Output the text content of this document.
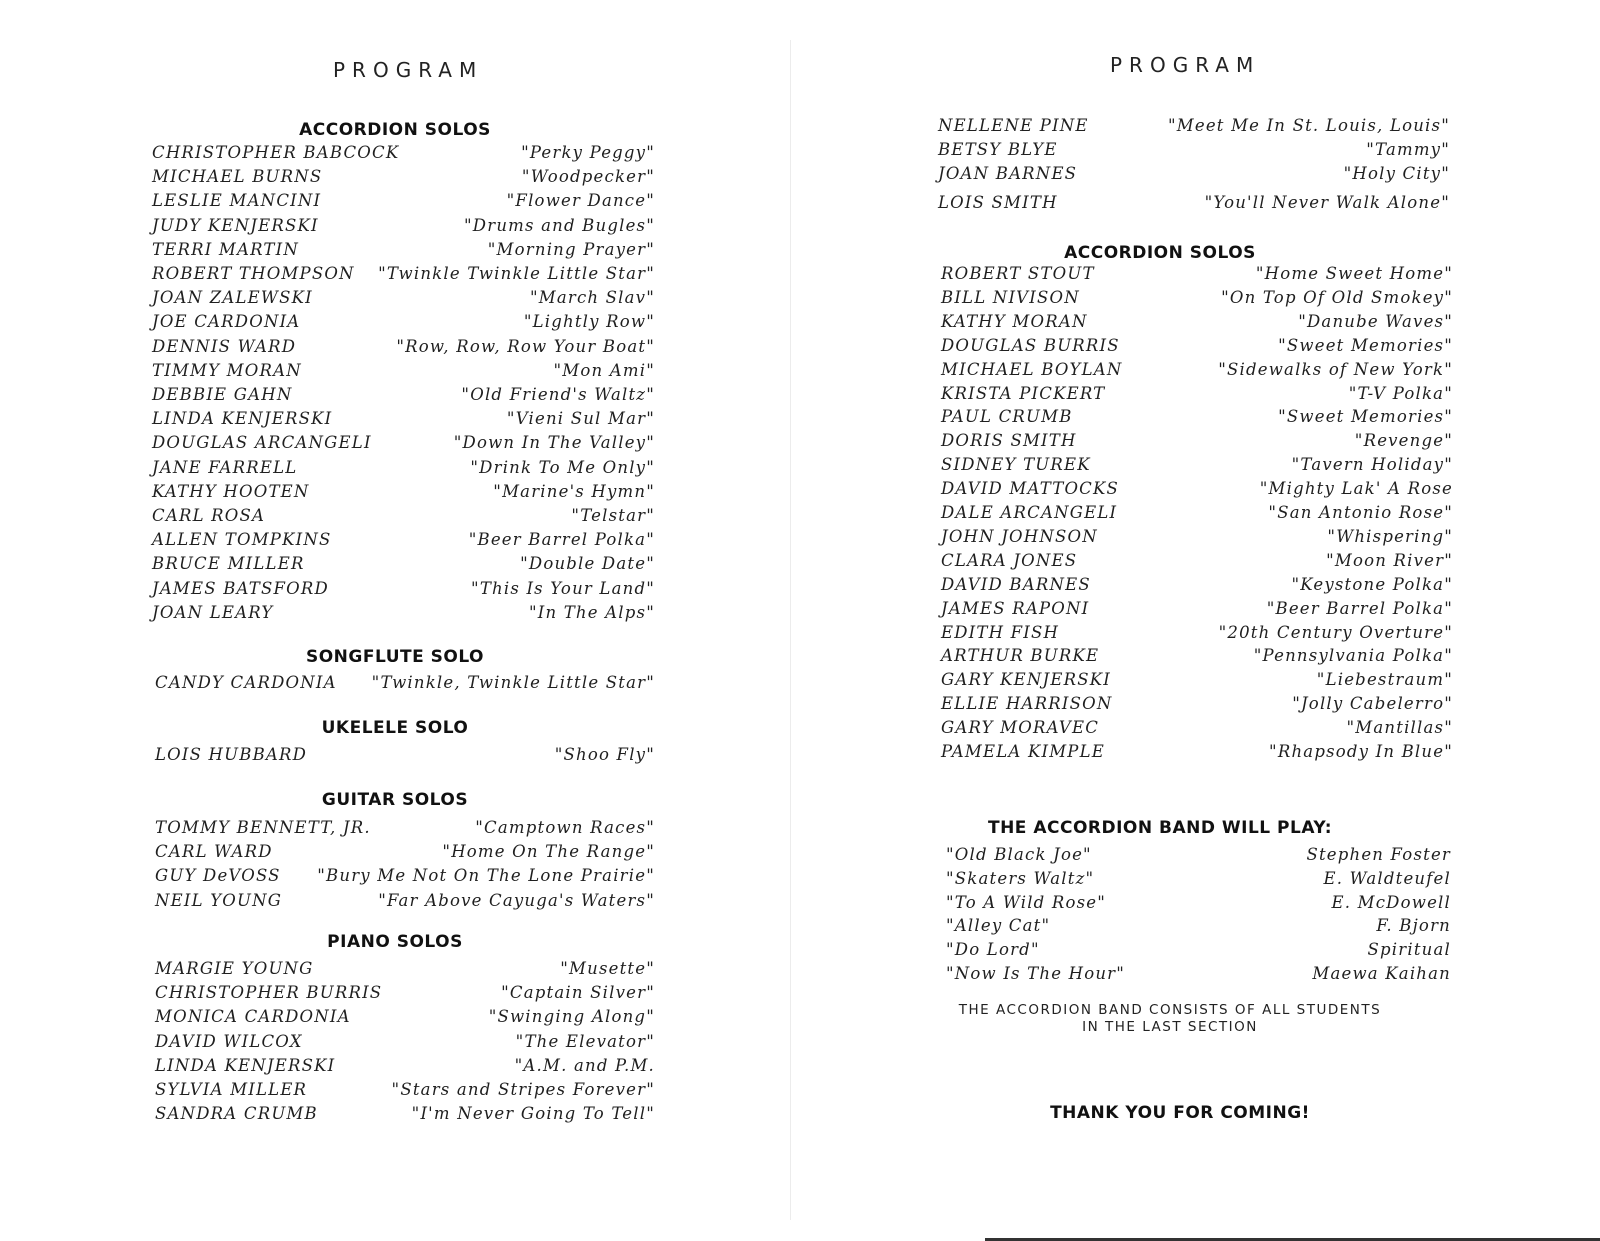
PROGRAM
ACCORDION SOLOS
CHRISTOPHER BABCOCK	"Perky Peggy"
MICHAEL BURNS	"Woodpecker"
LESLIE MANCINI	"Flower Dance"
JUDY KENJERSKI	"Drums and Bugles"
TERRI MARTIN	"Morning Prayer"
ROBERT THOMPSON "Twinkle Twinkle Little Star"
JOAN ZALEWSKI	"March Slav"
JOE CARDONIA	"Lightly Row"
DENNIS WARD	"Row, Row, Row Your Boat"
TIMMY MORAN	"Mon Ami"
DEBBIE GAHN	"Old Friend's Waltz"
LINDA KENJERSKI	"Vieni Sul Mar"
DOUGLAS ARCANGELI	"Down In The Valley"
JANE FARRELL	"Drink To Me Only"
KATHY HOOTEN	"Marine's Hymn"
CARL ROSA	"Telstar"
ALLEN TOMPKINS	"Beer Barrel Polka"
BRUCE MILLER	"Double Date"
JAMES BATSFORD	"This Is Your Land"
JOAN LEARY	"In The Alps"
SONGFLUTE SOLO
CANDY CARDONIA "Twinkle, Twinkle Little Star"
UKELELE SOLO
LOIS HUBBARD	"Shoo Fly"
GUITAR SOLOS
TOMMY BENNETT, JR.	"Camptown Races"
CARL WARD	"Home On The Range"
GUY DeVOSS "Bury Me Not On The Lone Prairie"
NEIL YOUNG	"Far Above Cayuga's Waters"
PIANO SOLOS
MARGIE YOUNG	"Musette"
CHRISTOPHER BURRIS	"Captain Silver"
MONICA CARDONIA	"Swinging Along"
DAVID WILCOX	"The Elevator"
LINDA KENJERSKI	"A.M. and P.M.
SYLVIA MILLER	"Stars and Stripes Forever"
SANDRA CRUMB	"I'm Never Going To Tell"
PROGRAM
NELLENE PINE	"Meet Me In St. Louis, Louis"
BETSY BLYE	"Tammy"
JOAN BARNES	"Holy City"
LOIS SMITH	"You'll Never Walk Alone"
ACCORDION SOLOS
ROBERT STOUT	"Home Sweet Home"
BILL NIVISON	"On Top Of Old Smokey"
KATHY MORAN	"Danube Waves"
DOUGLAS BURRIS	"Sweet Memories"
MICHAEL BOYLAN	"Sidewalks of New York"
KRISTA PICKERT	"T-V Polka"
PAUL CRUMB	"Sweet Memories"
DORIS SMITH	"Revenge"
SIDNEY TUREK	"Tavern Holiday"
DAVID MATTOCKS	"Mighty Lak' A Rose
DALE ARCANGELI	"San Antonio Rose"
JOHN JOHNSON	"Whispering"
CLARA JONES	"Moon River"
DAVID BARNES	"Keystone Polka"
JAMES RAPONI	"Beer Barrel Polka"
EDITH FISH	"20th Century Overture"
ARTHUR BURKE	"Pennsylvania Polka"
GARY KENJERSKI	"Liebestraum"
ELLIE HARRISON	"Jolly Cabelerro"
GARY MORAVEC	"Mantillas"
PAMELA KIMPLE	"Rhapsody In Blue"
THE ACCORDION BAND WILL PLAY:
"Old Black Joe"	Stephen Foster
"Skaters Waltz"	E. Waldteufel
"To A Wild Rose"	E. McDowell
"Alley Cat"	F. Bjorn
"Do Lord"	Spiritual
"Now Is The Hour"	Maewa Kaihan
THE ACCORDION BAND CONSISTS OF ALL STUDENTS
IN THE LAST SECTION
THANK YOU FOR COMING!
